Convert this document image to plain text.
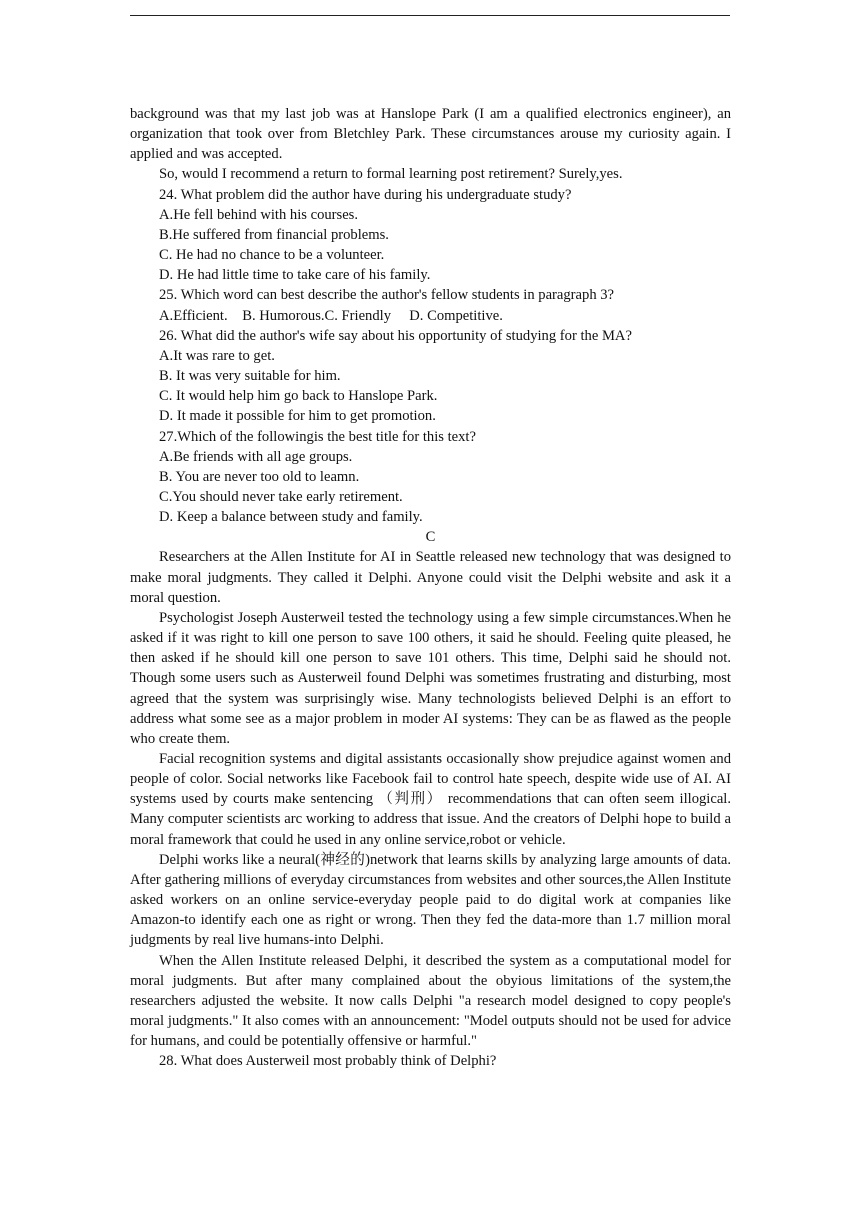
background was that my last job was at Hanslope Park (I am a qualified electronics engineer), an organization that took over from Bletchley Park. These circumstances arouse my curiosity again. I applied and was accepted.

So, would I recommend a return to formal learning post retirement? Surely,yes.

24. What problem did the author have during his undergraduate study?

A.He fell behind with his courses.

B.He suffered from financial problems.

C. He had no chance to be a volunteer.

D. He had little time to take care of his family.

25. Which word can best describe the author's fellow students in paragraph 3?

A.Efficient. B. Humorous.C. Friendly D. Competitive.

26. What did the author's wife say about his opportunity of studying for the MA?

A.It was rare to get.

B. It was very suitable for him.

C. It would help him go back to Hanslope Park.

D. It made it possible for him to get promotion.

27.Which of the followingis the best title for this text?

A.Be friends with all age groups.

B. You are never too old to leamn.

C.You should never take early retirement.

D. Keep a balance between study and family.

C

Researchers at the Allen Institute for AI in Seattle released new technology that was designed to make moral judgments. They called it Delphi. Anyone could visit the Delphi website and ask it a moral question.

Psychologist Joseph Austerweil tested the technology using a few simple circumstances.When he asked if it was right to kill one person to save 100 others, it said he should. Feeling quite pleased, he then asked if he should kill one person to save 101 others. This time, Delphi said he should not. Though some users such as Austerweil found Delphi was sometimes frustrating and disturbing, most agreed that the system was surprisingly wise. Many technologists believed Delphi is an effort to address what some see as a major problem in moder AI systems: They can be as flawed as the people who create them.

Facial recognition systems and digital assistants occasionally show prejudice against women and people of color. Social networks like Facebook fail to control hate speech, despite wide use of AI. AI systems used by courts make sentencing （判刑） recommendations that can often seem illogical. Many computer scientists arc working to address that issue. And the creators of Delphi hope to build a moral framework that could he used in any online service,robot or vehicle.

Delphi works like a neural(神经的)network that learns skills by analyzing large amounts of data. After gathering millions of everyday circumstances from websites and other sources,the Allen Institute asked workers on an online service-everyday people paid to do digital work at companies like Amazon-to identify each one as right or wrong. Then they fed the data-more than 1.7 million moral judgments by real live humans-into Delphi.

When the Allen Institute released Delphi, it described the system as a computational model for moral judgments. But after many complained about the obyious limitations of the system,the researchers adjusted the website. It now calls Delphi "a research model designed to copy people's moral judgments." It also comes with an announcement: "Model outputs should not be used for advice for humans, and could be potentially offensive or harmful."

28. What does Austerweil most probably think of Delphi?
